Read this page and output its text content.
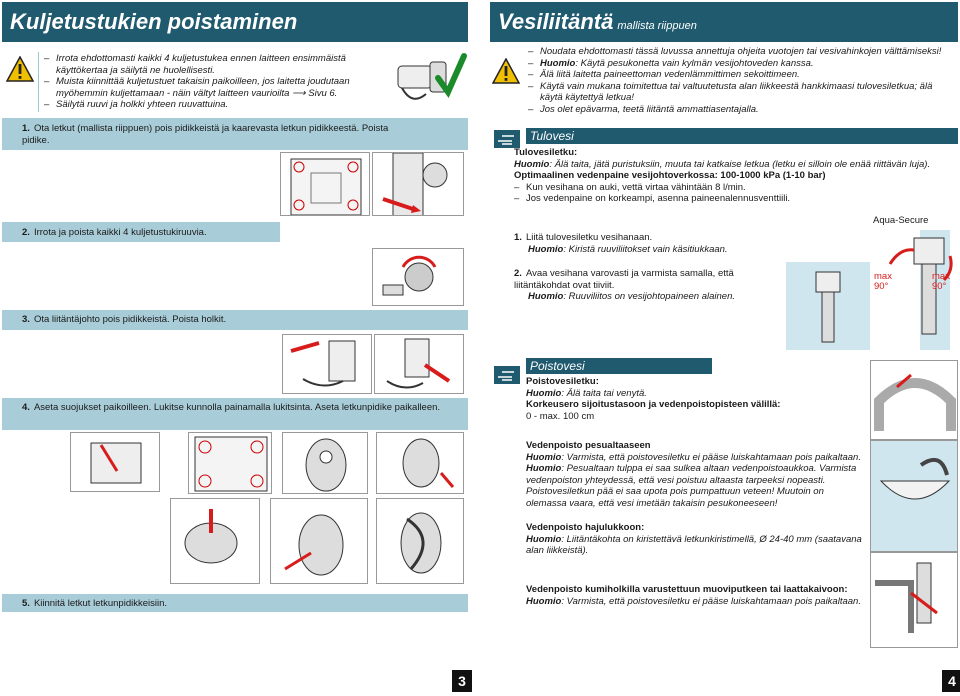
Kuljetustukien poistaminen
– Irrota ehdottomasti kaikki 4 kuljetustukea ennen laitteen ensimmäistä käyttökertaa ja säilytä ne huolellisesti.
– Muista kiinnittää kuljetustuet takaisin paikoilleen, jos laitetta joudutaan myöhemmin kuljettamaan - näin vältyt laitteen vaurioilta ⟶ Sivu 6.
– Säilytä ruuvi ja holkki yhteen ruuvattuina.
1. Ota letkut (mallista riippuen) pois pidikkeistä ja kaarevasta letkun pidikkeestä. Poista pidike.
2. Irrota ja poista kaikki 4 kuljetustukiruuvia.
3. Ota liitäntäjohto pois pidikkeistä. Poista holkit.
4. Aseta suojukset paikoilleen. Lukitse kunnolla painamalla lukitsinta. Aseta letkunpidike paikalleen.
5. Kiinnitä letkut letkunpidikkeisiin.
3
Vesiliitäntä mallista riippuen
– Noudata ehdottomasti tässä luvussa annettuja ohjeita vuotojen tai vesivahinkojen välttämiseksi!
– Huomio: Käytä pesukonetta vain kylmän vesijohtoveden kanssa.
– Älä liitä laitetta paineettoman vedenlämmittimen sekoittimeen.
– Käytä vain mukana toimitettua tai valtuutetusta alan liikkeestä hankkimaasi tulovesiletkua; älä käytä käytettyä letkua!
– Jos olet epävarma, teetä liitäntä ammattiasentajalla.
Tulovesi
Tulovesiletku:
Huomio: Älä taita, jätä puristuksiin, muuta tai katkaise letkua (letku ei silloin ole enää riittävän luja).
Optimaalinen vedenpaine vesijohtoverkossa: 100-1000 kPa (1-10 bar)
– Kun vesihana on auki, vettä virtaa vähintään 8 l/min.
– Jos vedenpaine on korkeampi, asenna paineenalennusventtiili.
Aqua-Secure
1. Liitä tulovesiletku vesihanaan.
Huomio: Kiristä ruuviliitokset vain käsitiukkaan.
2. Avaa vesihana varovasti ja varmista samalla, että liitäntäkohdat ovat tiiviit.
Huomio: Ruuviliitos on vesijohtopaineen alainen.
max
90°
max
90°
Poistovesi
Poistovesiletku:
Huomio: Älä taita tai venytä.
Korkeusero sijoitustasoon ja vedenpoistopisteen välillä:
0 - max. 100 cm
Vedenpoisto pesualtaaseen
Huomio: Varmista, että poistovesiletku ei pääse luiskahtamaan pois paikaltaan.
Huomio: Pesualtaan tulppa ei saa sulkea altaan vedenpoistoaukkoa. Varmista vedenpoiston yhteydessä, että vesi poistuu altaasta tarpeeksi nopeasti. Poistovesiletkun pää ei saa upota pois pumpattuun veteen! Muutoin on olemassa vaara, että vesi imetään takaisin pesukoneeseen!
Vedenpoisto hajulukkoon:
Huomio: Liitäntäkohta on kiristettävä letkunkiristimellä, Ø 24-40 mm (saatavana alan liikkeistä).
Vedenpoisto kumiholkilla varustettuun muoviputkeen tai laattakaivoon:
Huomio: Varmista, että poistovesiletku ei pääse luiskahtamaan pois paikaltaan.
4
